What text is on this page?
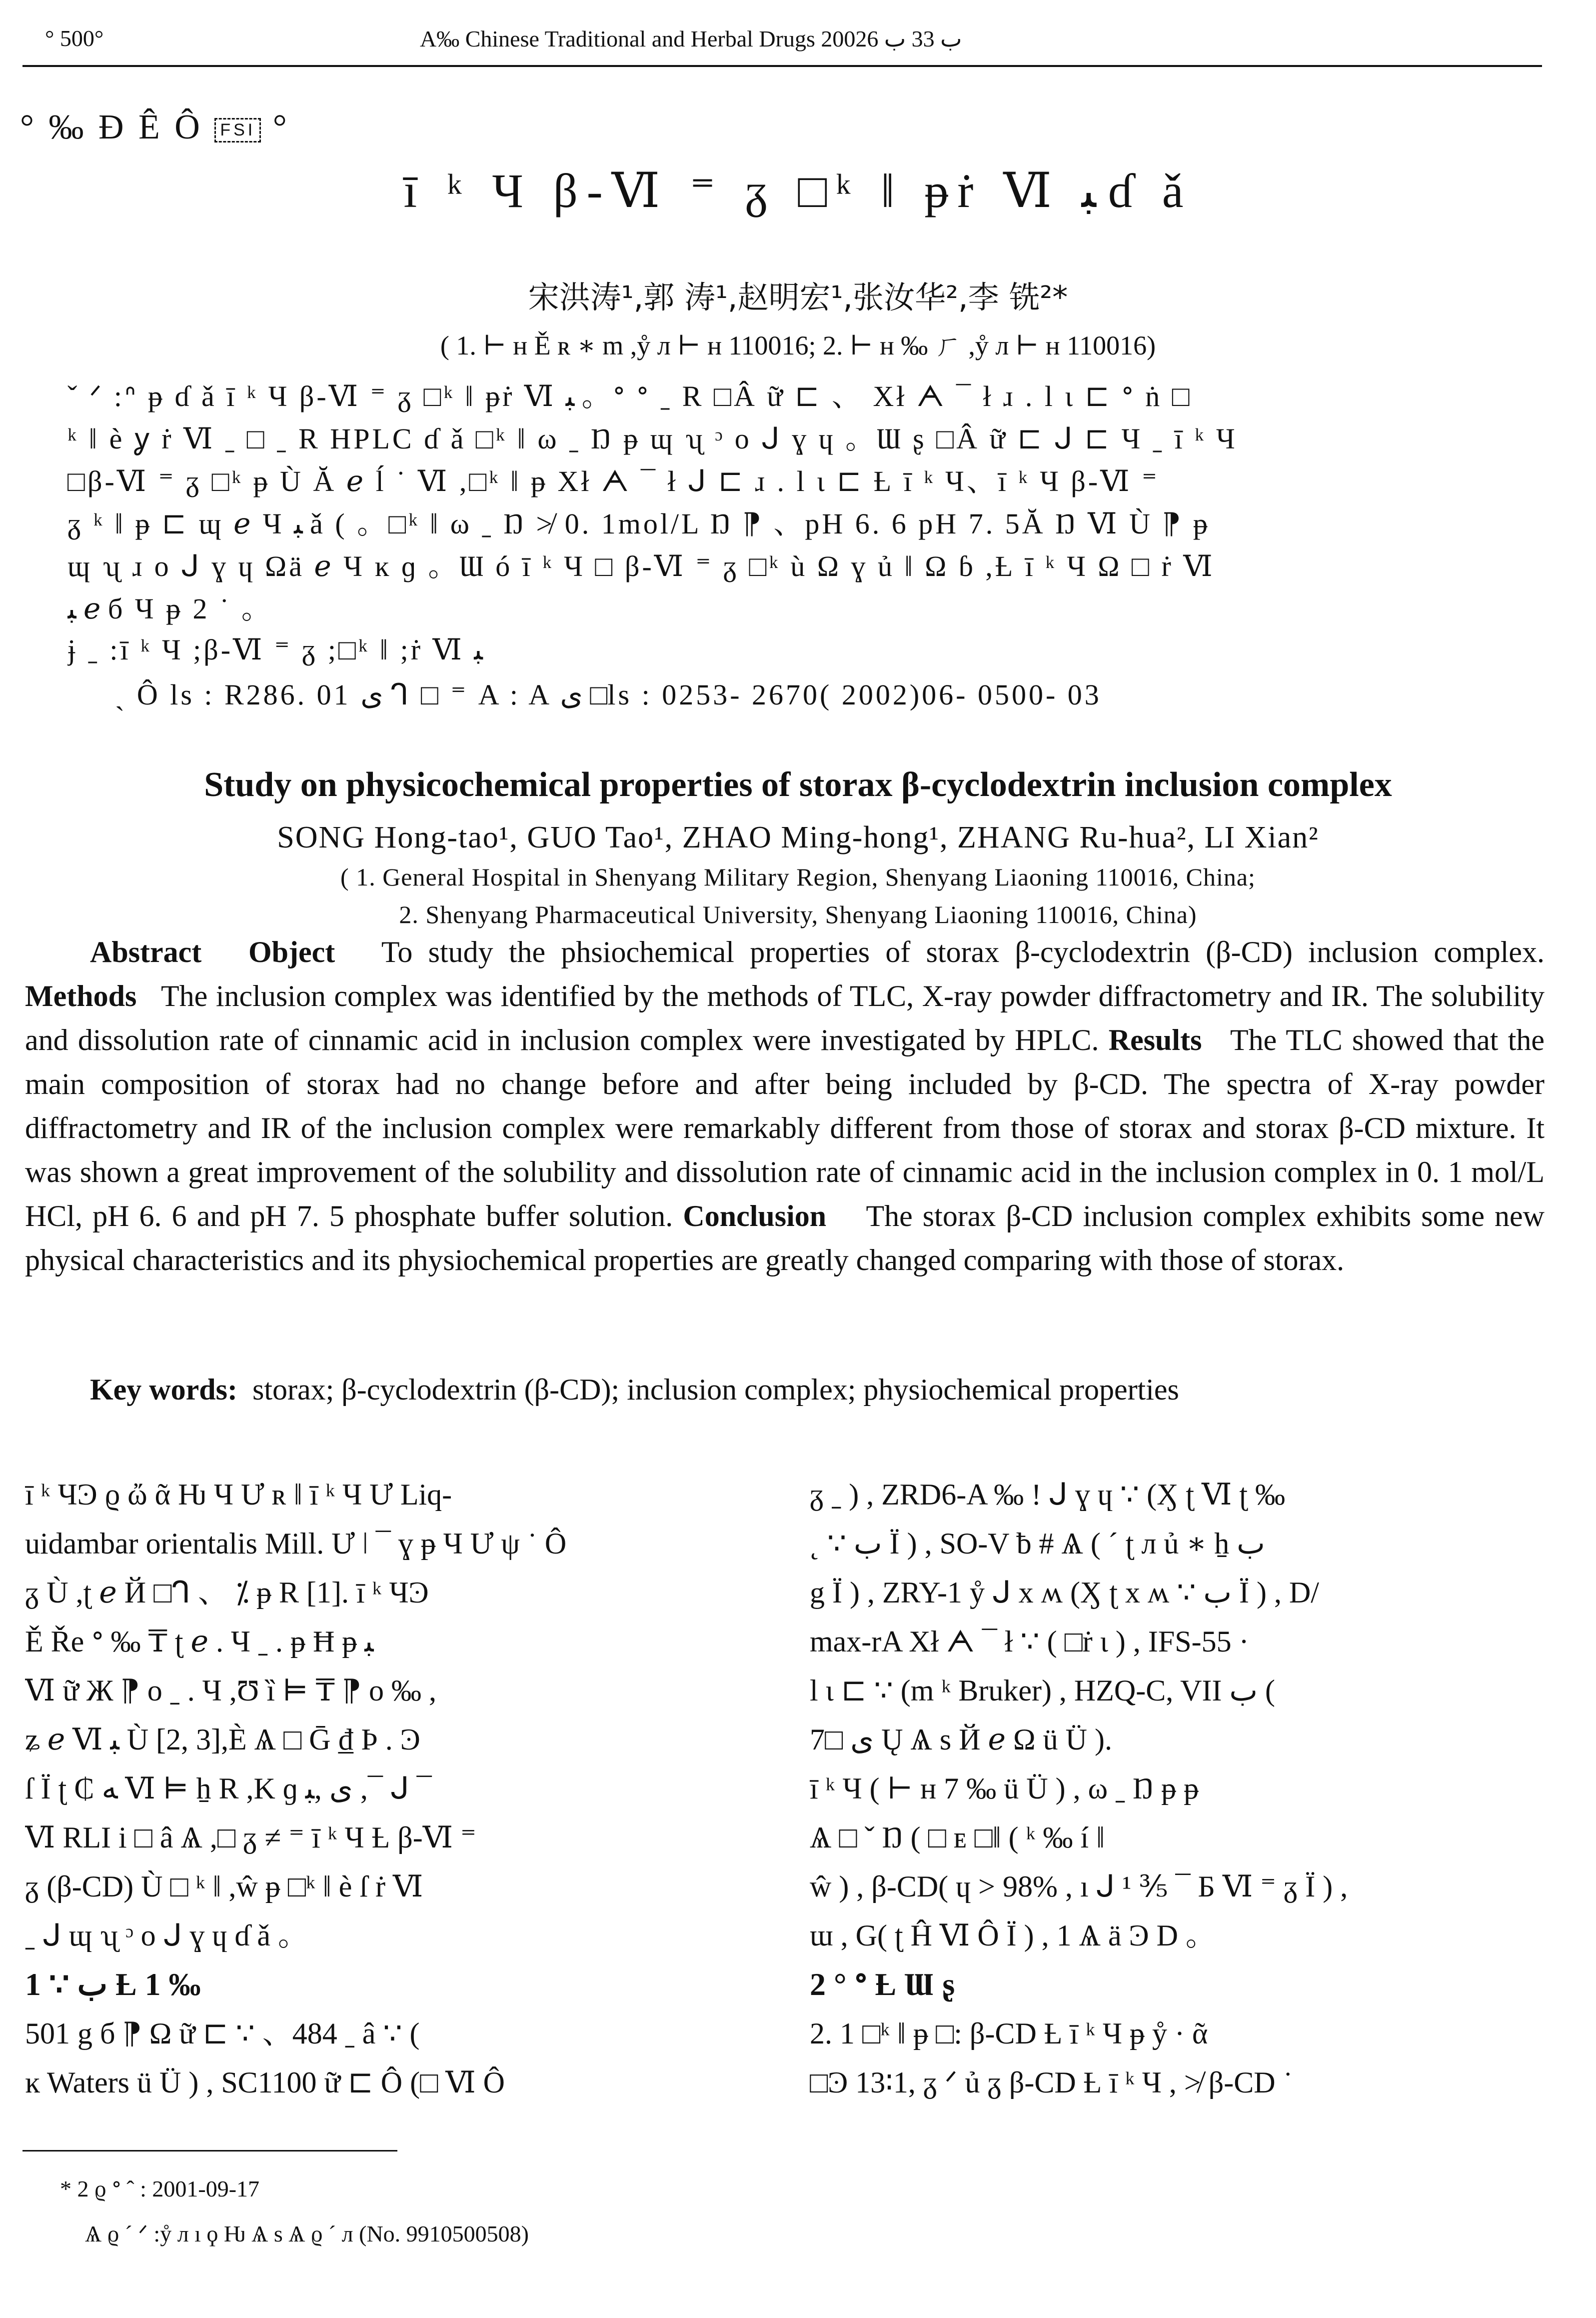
° 500°	A‰ Chinese Traditional and Herbal Drugs 2002ب 33 ب 6
° ‰ Ð Ê Ô FSI °
ī ᵏ Ч β-Ⅵ ⁼ ᵹ □ᵏ ‖ ᵽṙ Ⅵ ﺒ ɗ ǎ
宋洪涛¹,郭 涛¹,赵明宏¹,张汝华²,李 铣²*
( 1. ⊢ ʜ Ě ʀ ∗ m ,ẙ л ⊢ ʜ 110016; 2. ⊢ ʜ ‰ ㄏ ,ẙ л ⊢ ʜ 110016)
ˇ ᐟ :ᐢ ᵽ ɗ ǎ ī ᵏ Ч β-Ⅵ ⁼ ᵹ □ᵏ ‖ ᵽṙ Ⅵ ﺒ 。ᐤ ᐤ ˍ R □Â ữ ⊏ 、 Xł ᗅ ¯ ł ɹ . l ι ⊏ ᐤ ṅ □
ᵏ ‖ è ỿ ṙ Ⅵ ˍ □ ˍ R HPLC ɗ ǎ □ᵏ ‖ ω ˍ Ŋ ᵽ ɰ ʯ ᵓ o ᒍ ɣ ɥ 。Ɯ ʂ □Â ữ ⊏ ᒍ ⊏ Ч ˍ ī ᵏ Ч
□β-Ⅵ ⁼ ᵹ □ᵏ ᵽ Ù Ă ℯ ĺ ˙ Ⅵ ,□ᵏ ‖ ᵽ Xł ᗅ ¯ ł ᒍ ⊏ ɹ . l ι ⊏ Ƚ ī ᵏ Ч、ī ᵏ Ч β-Ⅵ ⁼
ᵹ ᵏ ‖ ᵽ ⊏ ɰ ℯ Ч ﺒ ǎ ( 。□ᵏ ‖ ω ˍ Ŋ ≯ 0. 1mol/L Ŋ ⁋ 、pH 6. 6 pH 7. 5Ă Ŋ Ⅵ Ù ⁋ ᵽ
ɰ ʯ ɹ o ᒍ ɣ ɥ Ωä ℯ Ч ĸ ɡ 。Ɯ ó ī ᵏ Ч □ β-Ⅵ ⁼ ᵹ □ᵏ ù Ω ɣ ủ ‖ Ω ɓ ,Ƚ ī ᵏ Ч Ω □ ṙ Ⅵ
ﺒ ℯ б Ч ᵽ 2 ˙ 。
ɉ ˍ :ī ᵏ Ч ;β-Ⅵ ⁼ ᵹ ;□ᵏ ‖ ;ṙ Ⅵ ﺒ
ˎ Ô ls : R286. 01 ى ᒉ □ ⁼ A : A ى □ls : 0253- 2670( 2002)06- 0500- 03
Study on physicochemical properties of storax β-cyclodextrin inclusion complex
SONG Hong-tao¹, GUO Tao¹, ZHAO Ming-hong¹, ZHANG Ru-hua², LI Xian²
( 1. General Hospital in Shenyang Military Region, Shenyang Liaoning 110016, China;
2. Shenyang Pharmaceutical University, Shenyang Liaoning 110016, China)
Abstract Object To study the phsiochemical properties of storax β-cyclodextrin (β-CD) inclusion complex. Methods The inclusion complex was identified by the methods of TLC, X-ray powder diffractometry and IR. The solubility and dissolution rate of cinnamic acid in inclusion complex were investigated by HPLC. Results The TLC showed that the main composition of storax had no change before and after being included by β-CD. The spectra of X-ray powder diffractometry and IR of the inclusion complex were remarkably different from those of storax and storax β-CD mixture. It was shown a great improvement of the solubility and dissolution rate of cinnamic acid in the inclusion complex in 0. 1 mol/L HCl, pH 6. 6 and pH 7. 5 phosphate buffer solution. Conclusion The storax β-CD inclusion complex exhibits some new physical characteristics and its physiochemical properties are greatly changed comparing with those of storax.
Key words: storax; β-cyclodextrin (β-CD); inclusion complex; physiochemical properties

ī ᵏ ЧϿ ϱ ὤ ᾶ Ƕ Ч Ư ʀ ‖ ī ᵏ Ч Ư Liq-

uidambar orientalis Mill. Ư ǀ ¯ ɣ ᵽ Ч Ư ψ ˙ Ô

ᵹ Ù ,ʈ ℯ Й □ᒉ 、 ⁒ ᵽ R [1]. ī ᵏ ЧϿ

Ě Ře ᐤ ‰ ₸ ʈ ℯ . Ч ˍ . ᵽ Ħ ᵽ ﺒ

Ⅵ ữ Ж ⁋ o ˍ . Ч ,Ʊ ȉ ⊨ ₸ ⁋ o ‰ ,

ʑ ℯ Ⅵ ﺒ Ù [2, 3],È Ѧ □ Ḡ ₫ Þ . Ͽ

ſ Ï ʈ ₵ ﻪ Ⅵ ⊨ ẖ R ,K ɡ ى ,ﺒ ,¯ ᒍ ¯

Ⅵ RLI i □ â Ѧ ,□ ᵹ ≠ ⁼ ī ᵏ Ч Ƚ β-Ⅵ ⁼

ᵹ (β-CD) Ù □ ᵏ ‖ ,ŵ ᵽ □ᵏ ‖ è ſ ṙ Ⅵ

ˍ ᒍ ɰ ʯ ᵓ o ᒍ ɣ ɥ ɗ ǎ 。

1 ∵ ب Ƚ 1 ‰

501 g б ⁋ Ω ữ ⊏ ∵ 、484 ˍ â ∵ (

ĸ Waters ü Ü ) , SC1100 ữ ⊏ Ô (□ Ⅵ Ô

ᵹ ˍ ) , ZRD6-A ‰ ! ᒍ ɣ ɥ ∵ (Ӽ ʈ Ⅵ ʈ ‰

˛ ∵ ب Ï ) , SO-V ƀ # Ѧ ( ˊ ʈ л ủ ∗ ẖ ب

g Ï ) , ZRY-1 ẙ ᒍ x ʍ (Ӽ ʈ x ʍ ∵ ب Ï ) , D/

max-rA Xł ᗅ ¯ ł ∵ ( □ṙ ι ) , IFS-55 ·

l ι ⊏ ∵ (m ᵏ Bruker) , HZQ-C, VII ب (

ى □7 Ų Ѧ s Й ℯ Ω ü Ü ).

ī ᵏ Ч ( ⊢ ʜ 7 ‰ ü Ü ) , ω ˍ Ŋ ᵽ ᵽ

Ѧ □ ˇ Ŋ ( □ ᴇ □‖ ( ᵏ ‰ í ‖

ŵ ) , β-CD( ɥ > 98% , ı ᒍ ¹ ⅗ ¯ Ƃ Ⅵ ⁼ ᵹ Ï ) ,

ɯ , G( ʈ Ĥ Ⅵ Ô Ï ) , 1 Ѧ ä Ͽ D 。

2 ° ᐤ Ƚ Ɯ ʂ

2. 1 □ᵏ ‖ ᵽ □: β-CD Ƚ ī ᵏ Ч ᵽ ẙ · ᾶ

□Ͽ 13∶1, ᵹ ᐟ ủ ᵹ β-CD Ƚ ī ᵏ Ч , ≯ β-CD ˙

* 2 ϱ ᐤ ˆ : 2001-09-17
Ѧ ϱ ˊ ᐟ :ẙ л ı ϙ Ƕ Ѧ s Ѧ ϱ ˊ л (No. 9910500508)
